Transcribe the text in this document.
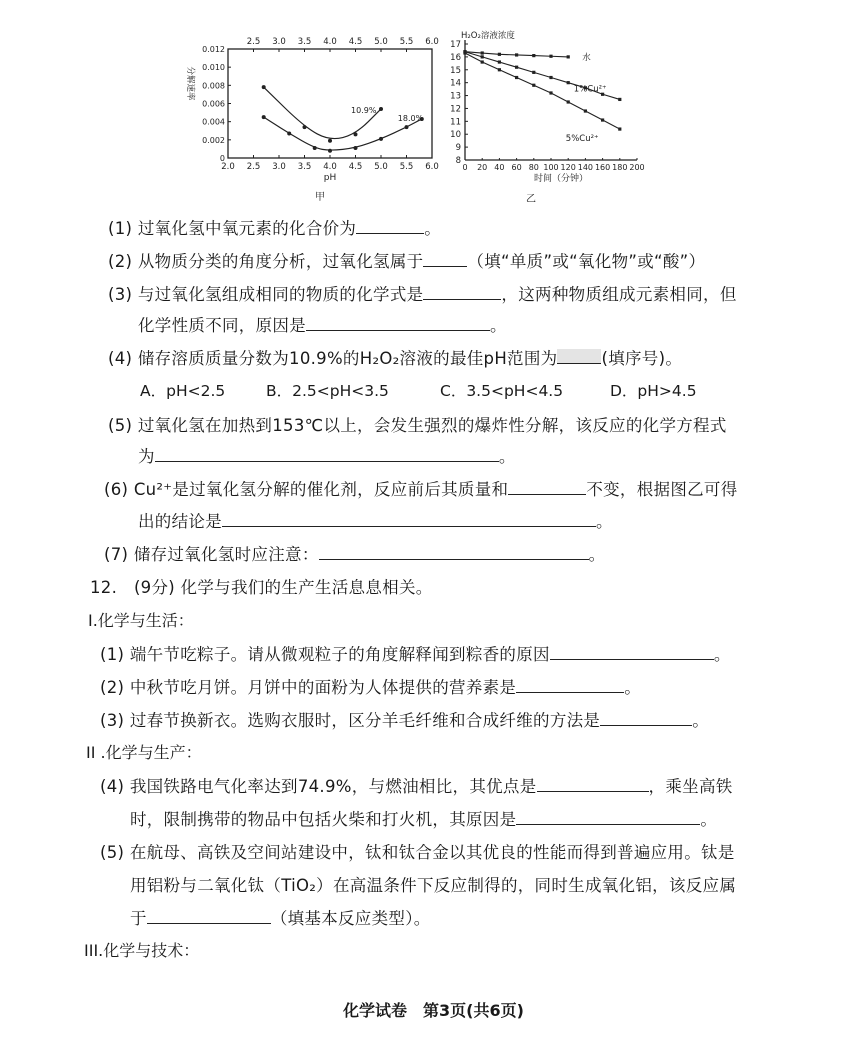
2.5 3.0 3.5 4.0 4.5 5.0 5.5 6.0
2.0 2.5 3.0 3.5 4.0 4.5 5.0 5.5 6.0
0
0.002
0.004
0.006
0.008
0.010
0.012
pH
分解速率
甲
10.9%
18.0%
H₂O₂溶液浓度
0 20 40 60 80 100 120 140 160 180 200
8
9
10
11
12
13
14
15
16
17
时间（分钟）
乙
水
1%Cu²⁺
5%Cu²⁺
(1) 过氧化氢中氧元素的化合价为	。
(2) 从物质分类的角度分析，过氧化氢属于	（填“单质”或“氧化物”或“酸”）
(3) 与过氧化氢组成相同的物质的化学式是	，这两种物质组成元素相同，但
化学性质不同，原因是	。
(4) 储存溶质质量分数为10.9%的H₂O₂溶液的最佳pH范围为	(填序号)。
A．pH<2.5	B．2.5<pH<3.5	C．3.5<pH<4.5	D．pH>4.5
(5) 过氧化氢在加热到153℃以上，会发生强烈的爆炸性分解，该反应的化学方程式
为	。
(6) Cu²⁺是过氧化氢分解的催化剂，反应前后其质量和	不变，根据图乙可得
出的结论是	。
(7) 储存过氧化氢时应注意：	。
12.　(9分) 化学与我们的生产生活息息相关。
I.化学与生活：
(1) 端午节吃粽子。请从微观粒子的角度解释闻到粽香的原因	。
(2) 中秋节吃月饼。月饼中的面粉为人体提供的营养素是	。
(3) 过春节换新衣。选购衣服时，区分羊毛纤维和合成纤维的方法是	。
II .化学与生产：
(4) 我国铁路电气化率达到74.9%，与燃油相比，其优点是	，乘坐高铁
时，限制携带的物品中包括火柴和打火机，其原因是	。
(5) 在航母、高铁及空间站建设中，钛和钛合金以其优良的性能而得到普遍应用。钛是
用铝粉与二氧化钛（TiO₂）在高温条件下反应制得的，同时生成氧化铝，该反应属
于	（填基本反应类型）。
III.化学与技术：
化学试卷　第3页(共6页)
